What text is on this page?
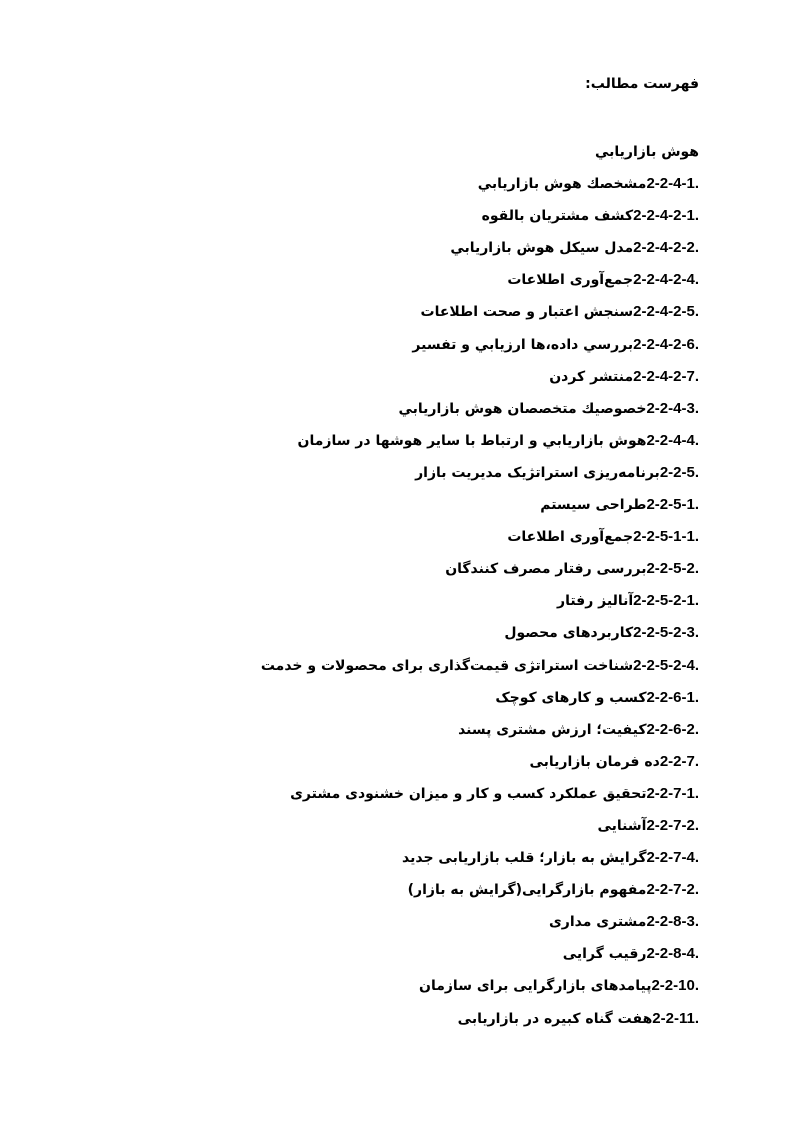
فهرست مطالب:
هوش بازاريابي
2-2-4-1.مشخصك هوش بازاريابي
2-2-4-2-1.كشف مشتريان بالقوه
2-2-4-2-2.مدل سيكل هوش بازاريابي
2-2-4-2-4.جمع‌آوری اطلاعات
2-2-4-2-5.سنجش اعتبار و صحت اطلاعات
2-2-4-2-6.بررسي داده،ها ارزيابي و تفسير
2-2-4-2-7.منتشر كردن
2-2-4-3.خصوصيك متخصصان هوش بازاريابي
2-2-4-4.هوش بازاريابي و ارتباط با ساير هوشها در سازمان
2-2-5.برنامه‌ريزی استراتژيک مديريت بازار
2-2-5-1.طراحی سيستم
2-2-5-1-1.جمع‌آوری اطلاعات
2-2-5-2.بررسی رفتار مصرف کنندگان
2-2-5-2-1.آناليز رفتار
2-2-5-2-3.کاربردهای محصول
2-2-5-2-4.شناخت استراتژی قيمت‌گذاری برای محصولات و خدمت
2-2-6-1.کسب و کارهای کوچک
2-2-6-2.کيفيت؛ ارزش مشتری پسند
2-2-7.ده فرمان بازاريابی
2-2-7-1.تحقيق عملکرد کسب و کار و ميزان خشنودی مشتری
2-2-7-2.آشنايی
2-2-7-4.گرايش به بازار؛ قلب بازاريابی جديد
2-2-7-2.مفهوم بازارگرايی(گرايش به بازار)
2-2-8-3.مشتری مداری
2-2-8-4.رقيب گرايی
2-2-10.پيامدهای بازارگرايی برای سازمان
2-2-11.هفت گناه کبيره در بازاريابی
